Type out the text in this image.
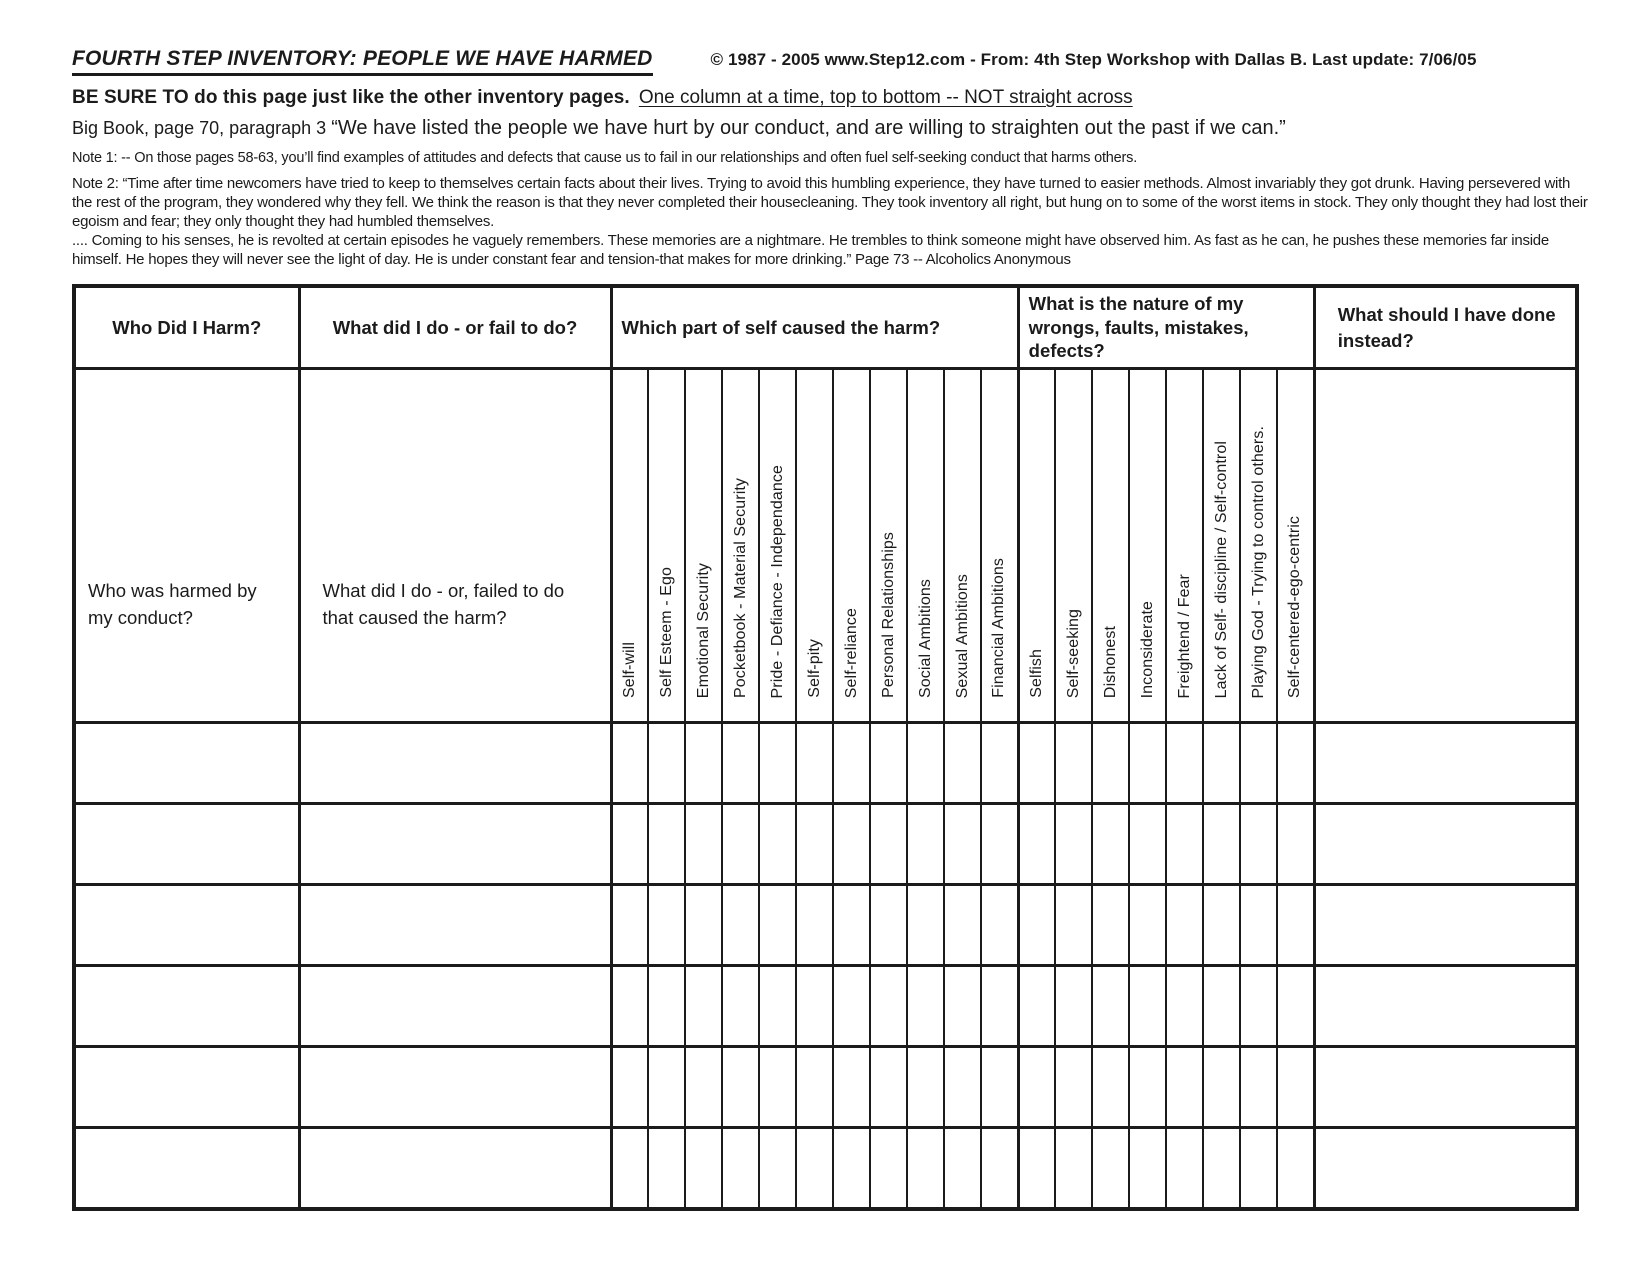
FOURTH STEP INVENTORY: PEOPLE WE HAVE HARMED	© 1987 - 2005 www.Step12.com - From: 4th Step Workshop with Dallas B. Last update: 7/06/05
BE SURE TO do this page just like the other inventory pages. One column at a time, top to bottom -- NOT straight across
Big Book, page 70, paragraph 3 “We have listed the people we have hurt by our conduct, and are willing to straighten out the past if we can.”
Note 1: -- On those pages 58-63, you’ll find examples of attitudes and defects that cause us to fail in our relationships and often fuel self-seeking conduct that harms others.
Note 2: “Time after time newcomers have tried to keep to themselves certain facts about their lives. Trying to avoid this humbling experience, they have turned to easier methods. Almost invariably they got drunk. Having persevered with the rest of the program, they wondered why they fell. We think the reason is that they never completed their housecleaning. They took inventory all right, but hung on to some of the worst items in stock. They only thought they had lost their egoism and fear; they only thought they had humbled themselves.
.... Coming to his senses, he is revolted at certain episodes he vaguely remembers. These memories are a nightmare. He trembles to think someone might have observed him. As fast as he can, he pushes these memories far inside himself. He hopes they will never see the light of day. He is under constant fear and tension-that makes for more drinking.” Page 73 -- Alcoholics Anonymous
Who Did I Harm?	What did I do - or fail to do?	Which part of self caused the harm?											What is the nature of my wrongs, faults, mistakes, defects?								What should I have done instead?

Who was harmed by my conduct?	What did I do - or, failed to do that caused the harm?	Self-will	Self Esteem - Ego	Emotional Security	Pocketbook - Material Security	Pride - Defiance - Independance	Self-pity	Self-reliance	Personal Relationships	Social Ambitions	Sexual Ambitions	Financial Ambitions	Selfish	Self-seeking	Dishonest	Inconsiderate	Freightend / Fear	Lack of Self- discipline / Self-control	Playing God - Trying to control others.	Self-centered-ego-centric	
